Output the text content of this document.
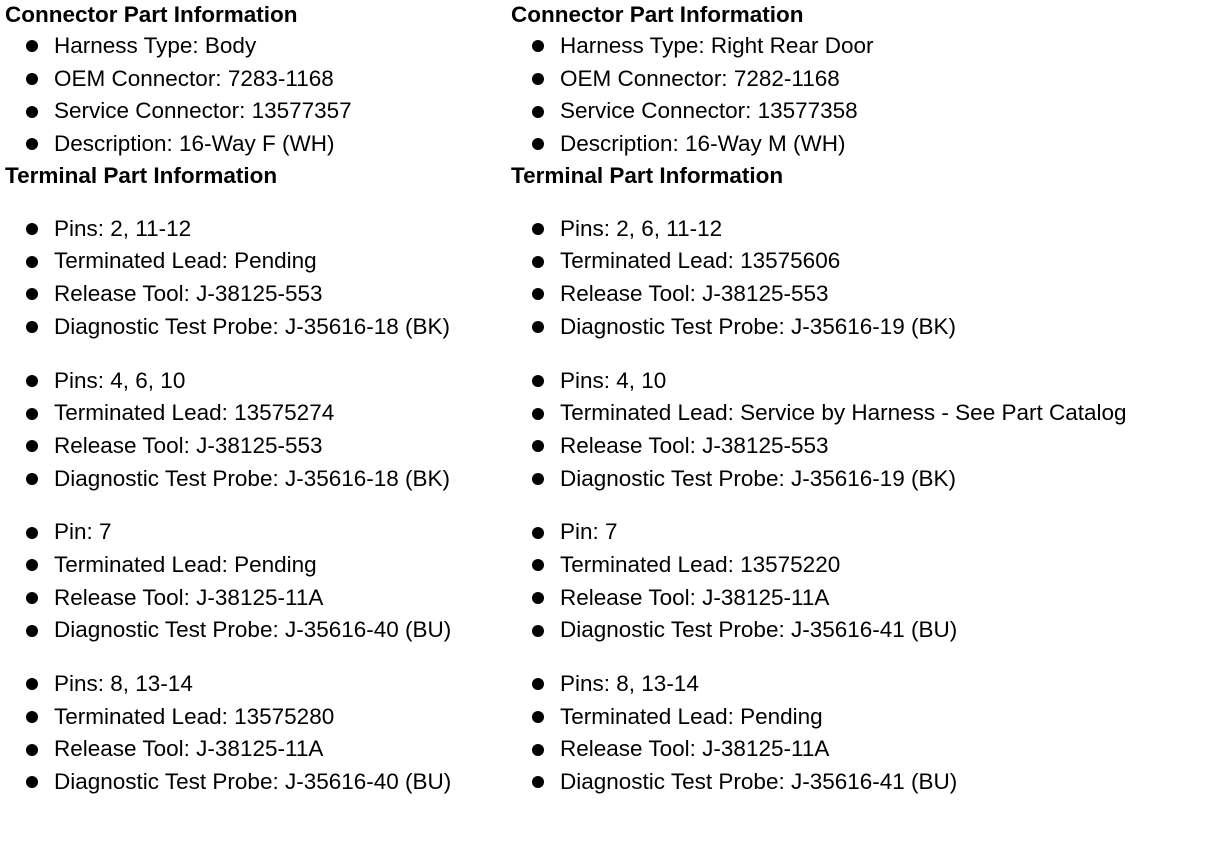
Connector Part Information
Harness Type: Body
OEM Connector: 7283-1168
Service Connector: 13577357
Description: 16-Way F (WH)
Terminal Part Information
Pins: 2, 11-12
Terminated Lead: Pending
Release Tool: J-38125-553
Diagnostic Test Probe: J-35616-18 (BK)
Pins: 4, 6, 10
Terminated Lead: 13575274
Release Tool: J-38125-553
Diagnostic Test Probe: J-35616-18 (BK)
Pin: 7
Terminated Lead: Pending
Release Tool: J-38125-11A
Diagnostic Test Probe: J-35616-40 (BU)
Pins: 8, 13-14
Terminated Lead: 13575280
Release Tool: J-38125-11A
Diagnostic Test Probe: J-35616-40 (BU)
Connector Part Information
Harness Type: Right Rear Door
OEM Connector: 7282-1168
Service Connector: 13577358
Description: 16-Way M (WH)
Terminal Part Information
Pins: 2, 6, 11-12
Terminated Lead: 13575606
Release Tool: J-38125-553
Diagnostic Test Probe: J-35616-19 (BK)
Pins: 4, 10
Terminated Lead: Service by Harness - See Part Catalog
Release Tool: J-38125-553
Diagnostic Test Probe: J-35616-19 (BK)
Pin: 7
Terminated Lead: 13575220
Release Tool: J-38125-11A
Diagnostic Test Probe: J-35616-41 (BU)
Pins: 8, 13-14
Terminated Lead: Pending
Release Tool: J-38125-11A
Diagnostic Test Probe: J-35616-41 (BU)
